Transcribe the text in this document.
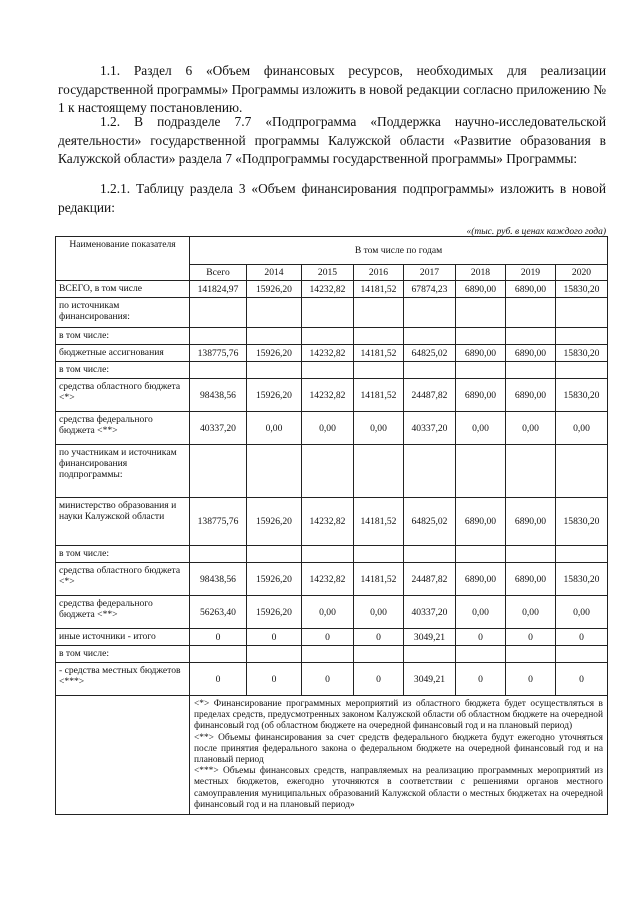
1.1. Раздел 6 «Объем финансовых ресурсов, необходимых для реализации государственной программы» Программы изложить в новой редакции согласно приложению № 1 к настоящему постановлению.
1.2. В подразделе 7.7 «Подпрограмма «Поддержка научно-исследовательской деятельности» государственной программы Калужской области «Развитие образования в Калужской области» раздела 7 «Подпрограммы государственной программы» Программы:
1.2.1. Таблицу раздела 3 «Объем финансирования подпрограммы» изложить в новой редакции:
«(тыс. руб. в ценах каждого года)
Наименование показателя	В том числе по годам							
	Всего	2014	2015	2016	2017	2018	2019	2020
ВСЕГО, в том числе	141824,97	15926,20	14232,82	14181,52	67874,23	6890,00	6890,00	15830,20
по источникам финансирования:								
в том числе:								
бюджетные ассигнования	138775,76	15926,20	14232,82	14181,52	64825,02	6890,00	6890,00	15830,20
в том числе:								
средства областного бюджета <*>	98438,56	15926,20	14232,82	14181,52	24487,82	6890,00	6890,00	15830,20
средства федерального бюджета <**>	40337,20	0,00	0,00	0,00	40337,20	0,00	0,00	0,00
по участникам и источникам финансирования подпрограммы:								
министерство образования и науки Калужской области	138775,76	15926,20	14232,82	14181,52	64825,02	6890,00	6890,00	15830,20
в том числе:								
средства областного бюджета <*>	98438,56	15926,20	14232,82	14181,52	24487,82	6890,00	6890,00	15830,20
средства федерального бюджета <**>	56263,40	15926,20	0,00	0,00	40337,20	0,00	0,00	0,00
иные источники - итого	0	0	0	0	3049,21	0	0	0
в том числе:								
- средства местных бюджетов <***>	0	0	0	0	3049,21	0	0	0

	<*> Финансирование программных мероприятий из областного бюджета будет осуществляться в пределах средств, предусмотренных законом Калужской области об областном бюджете на очередной финансовый год (об областном бюджете на очередной финансовый год и на плановый период)

<**> Объемы финансирования за счет средств федерального бюджета будут ежегодно уточняться после принятия федерального закона о федеральном бюджете на очередной финансовый год и на плановый период

<***> Объемы финансовых средств, направляемых на реализацию программных мероприятий из местных бюджетов, ежегодно уточняются в соответствии с решениями органов местного самоуправления муниципальных образований Калужской области о местных бюджетах на очередной финансовый год и на плановый период»							
